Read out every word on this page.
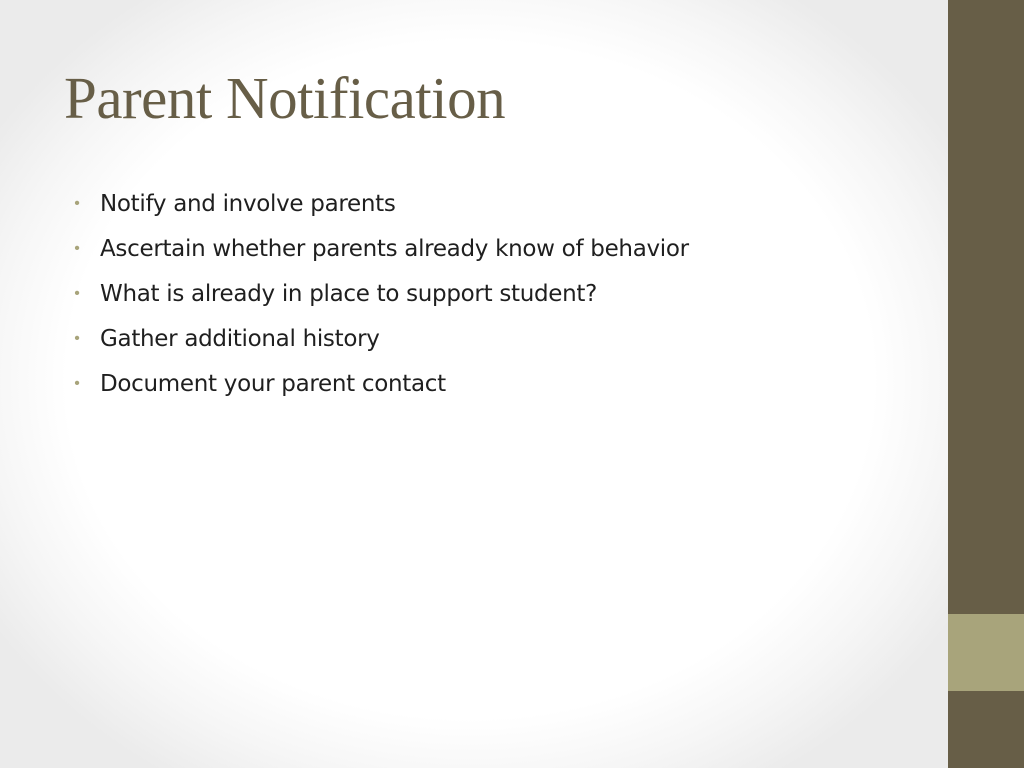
Parent Notification
• Notify and involve parents
• Ascertain whether parents already know of behavior
• What is already in place to support student?
• Gather additional history
• Document your parent contact
